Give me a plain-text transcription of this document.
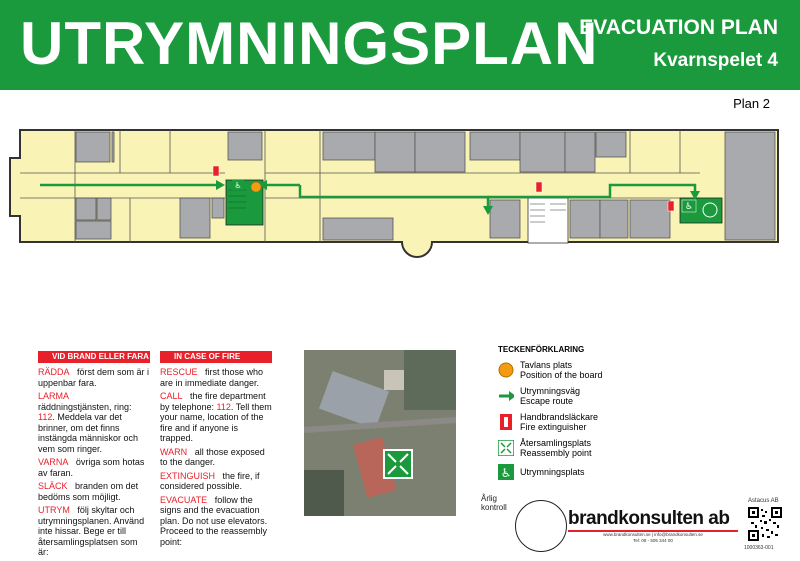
UTRYMNINGSPLAN
EVACUATION PLAN
Kvarnspelet 4
Plan 2
♿
♿
VID BRAND ELLER FARA
RÄDDA först dem som är i uppenbar fara.
LARMA   räddningstjänsten, ring: 112. Meddela var det brinner, om det finns instängda människor och vem som ringer.
VARNA övriga som hotas av faran.
SLÄCK branden om det bedöms som möjligt.
UTRYM följ skyltar och utrymningsplanen. Använd inte hissar. Bege er till återsamlingsplatsen som är:
IN CASE OF FIRE
RESCUE first those who are in immediate danger.
CALL the fire department by telephone: 112. Tell them your name, location of the fire and if anyone is trapped.
WARN all those exposed to the danger.
EXTINGUISH the fire, if considered possible.
EVACUATE follow the signs and the evacuation plan. Do not use elevators. Proceed to the reassembly point:
TECKENFÖRKLARING
Tavlans plats
Position of the board
Utrymningsväg
Escape route
Handbrandsläckare
Fire extinguisher
Återsamlingsplats
Reassembly point
♿ Utrymningsplats
Årlig kontroll
brandkonsulten ab
www.brandkonsulten.se | info@brandkonsulten.se
Tel: 08 - 505 344 00
Astacus AB
1000363-001
